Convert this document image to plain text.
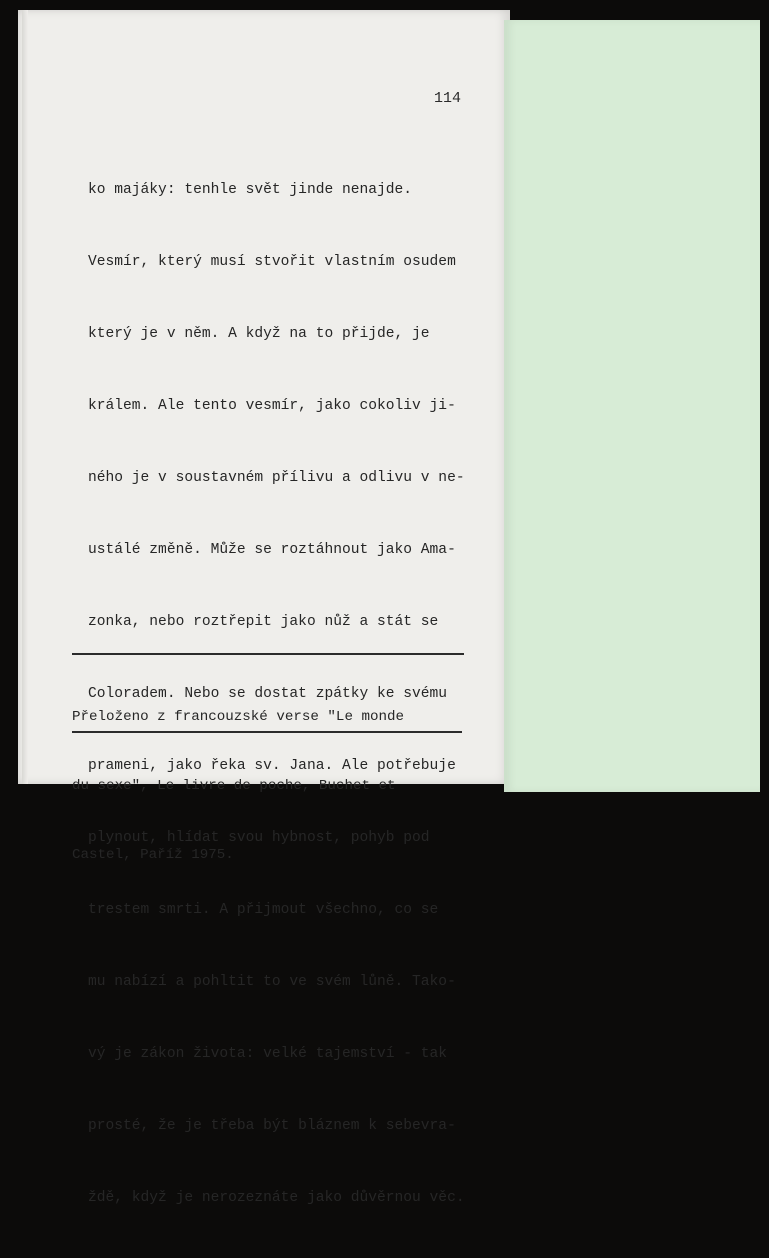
114

ko majáky: tenhle svět jinde nenajde.

Vesmír, který musí stvořit vlastním osudem

který je v něm. A když na to přijde, je

králem. Ale tento vesmír, jako cokoliv ji-

ného je v soustavném přílivu a odlivu v ne-

ustálé změně. Může se roztáhnout jako Ama-

zonka, nebo roztřepit jako nůž a stát se

Coloradem. Nebo se dostat zpátky ke svému

prameni, jako řeka sv. Jana. Ale potřebuje

plynout, hlídat svou hybnost, pohyb pod

trestem smrti. A přijmout všechno, co se

mu nabízí a pohltit to ve svém lůně. Tako-

vý je zákon života: velké tajemství - tak

prosté, že je třeba být bláznem k sebevra-

ždě, když je nerozeznáte jako důvěrnou věc.

Přeloženo z francouzské verse "Le monde

du sexe", Le livre de poche, Buchet et

Castel, Paříž 1975.
